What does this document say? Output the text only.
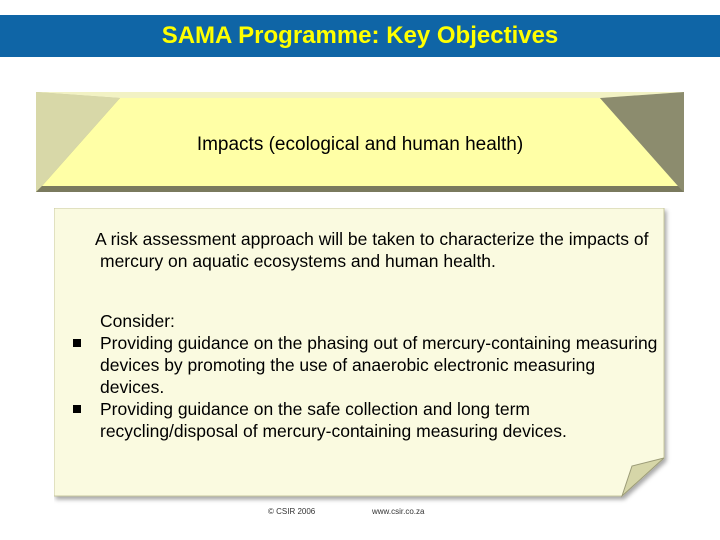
SAMA Programme: Key Objectives
Impacts (ecological and human health)

A risk assessment approach will be taken to characterize the impacts of mercury on aquatic ecosystems and human health.

Consider:

Providing guidance on the phasing out of mercury-containing measuring devices by promoting the use of anaerobic electronic measuring devices.
Providing guidance on the safe collection and long term recycling/disposal of mercury-containing measuring devices.
© CSIR 2006	www.csir.co.za
